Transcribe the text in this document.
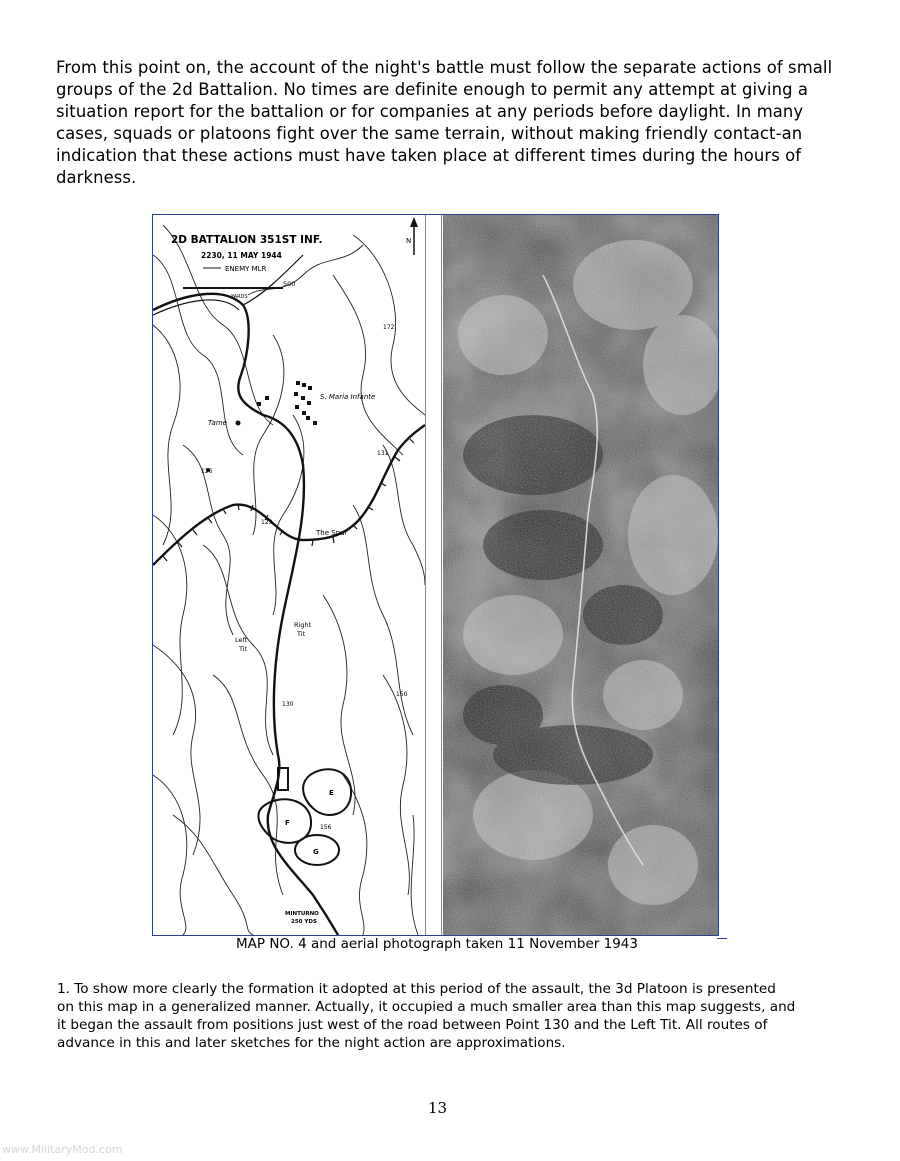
From this point on, the account of the night's battle must follow the separate actions of small groups of the 2d Battalion. No times are definite enough to permit any attempt at giving a situation report for the battalion or for companies at any periods before daylight. In many cases, squads or platoons fight over the same terrain, without making friendly contact-an indication that these actions must have taken place at different times during the hours of darkness.

2D BATTALION 351ST INF.
2230, 11 MAY 1944
ENEMY MLR
500
YARDS
N
172
S. Maria Infante
Tame
131
126
123
The Spur
Right
Tit
Left
Tit
130
150
156
E
F
G
MINTURNO
250 YDS
MAP NO. 4 and aerial photograph taken 11 November 1943

1. To show more clearly the formation it adopted at this period of the assault, the 3d Platoon is presented on this map in a generalized manner. Actually, it occupied a much smaller area than this map suggests, and it began the assault from positions just west of the road between Point 130 and the Left Tit. All routes of advance in this and later sketches for the night action are approximations.

13
www.MilitaryMod.com
